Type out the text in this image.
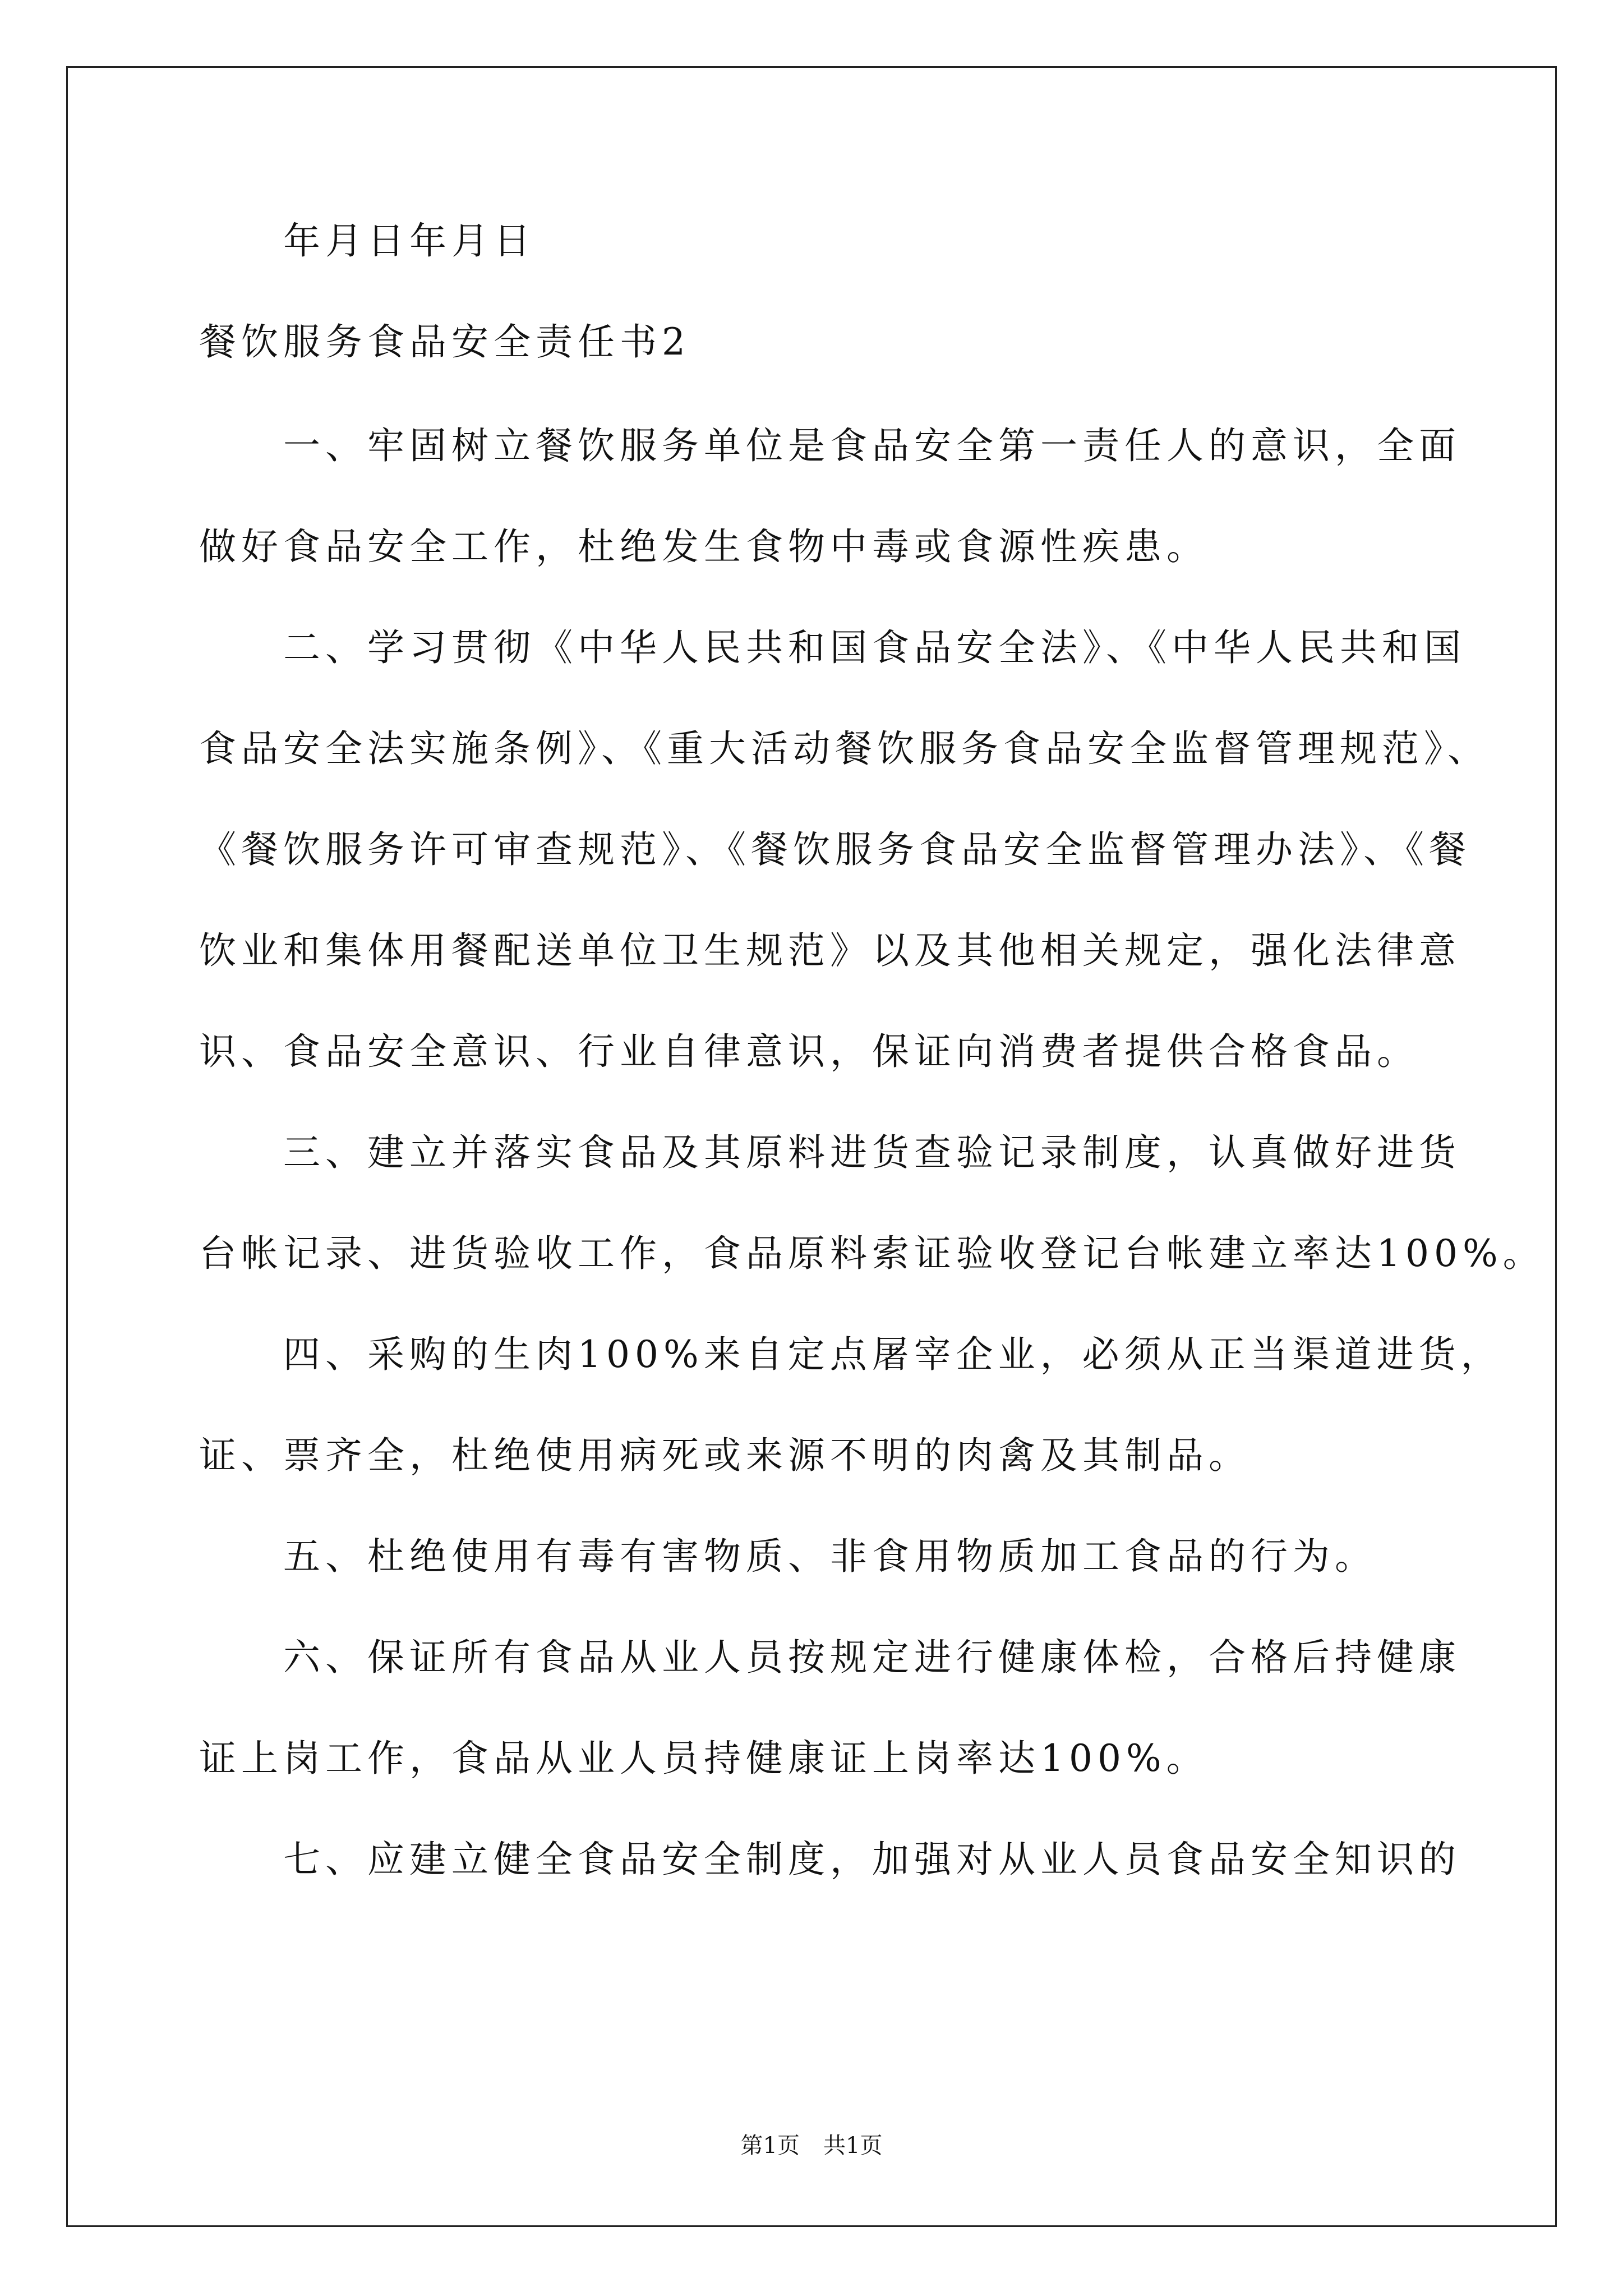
年月日年月日
餐饮服务食品安全责任书2
一、牢固树立餐饮服务单位是食品安全第一责任人的意识，全面
做好食品安全工作，杜绝发生食物中毒或食源性疾患。
二、学习贯彻《中华人民共和国食品安全法》、《中华人民共和国
食品安全法实施条例》、《重大活动餐饮服务食品安全监督管理规范》、
《餐饮服务许可审查规范》、《餐饮服务食品安全监督管理办法》、《餐
饮业和集体用餐配送单位卫生规范》以及其他相关规定，强化法律意
识、食品安全意识、行业自律意识，保证向消费者提供合格食品。
三、建立并落实食品及其原料进货查验记录制度，认真做好进货
台帐记录、进货验收工作，食品原料索证验收登记台帐建立率达100%。
四、采购的生肉100%来自定点屠宰企业，必须从正当渠道进货，
证、票齐全，杜绝使用病死或来源不明的肉禽及其制品。
五、杜绝使用有毒有害物质、非食用物质加工食品的行为。
六、保证所有食品从业人员按规定进行健康体检，合格后持健康
证上岗工作，食品从业人员持健康证上岗率达100%。
七、应建立健全食品安全制度，加强对从业人员食品安全知识的
第1页 共1页
